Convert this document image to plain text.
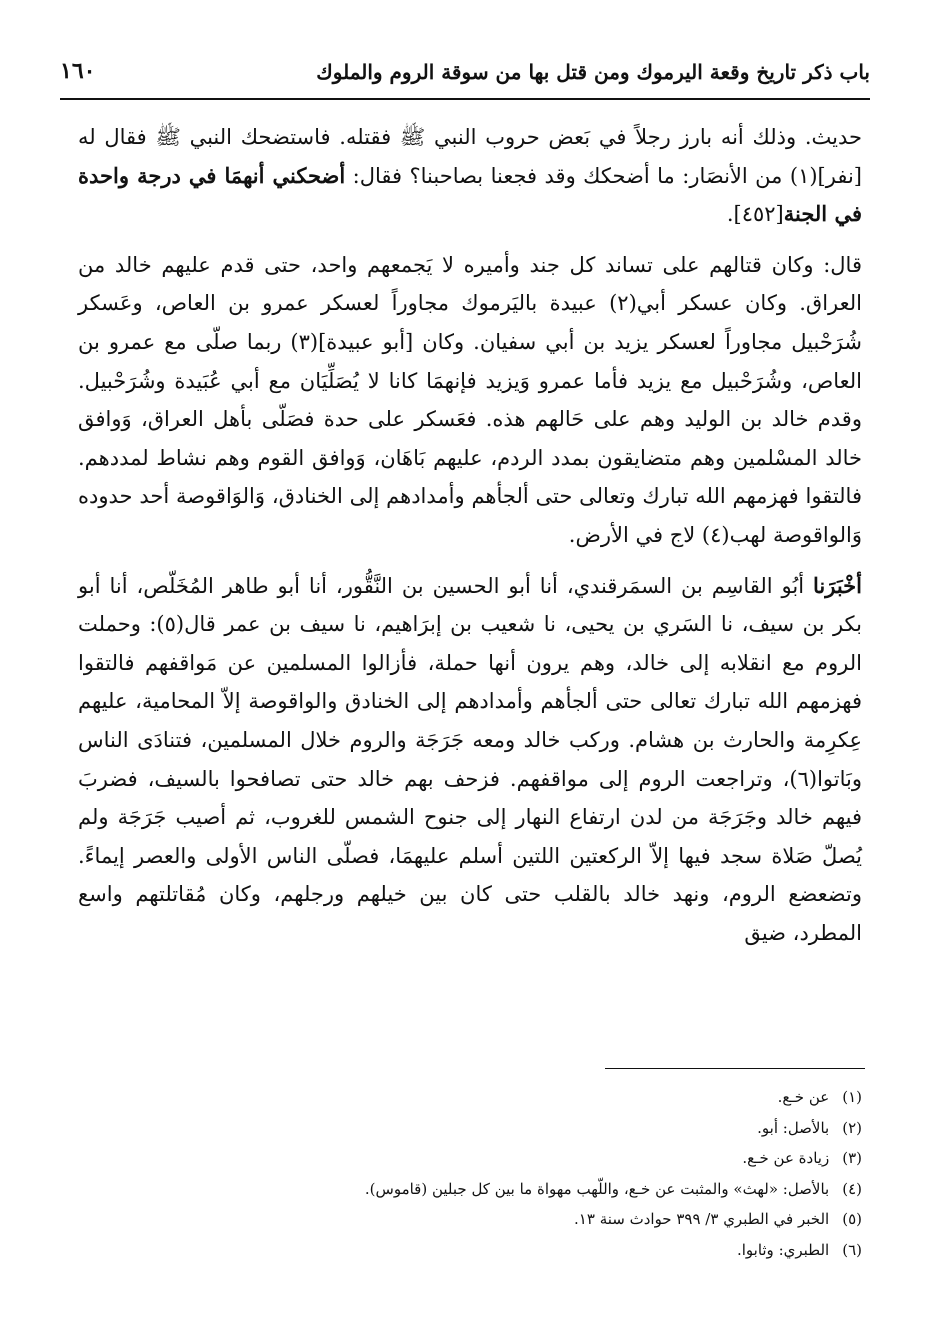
باب ذكر تاريخ وقعة اليرموك ومن قتل بها من سوقة الروم والملوك
١٦٠

حديث. وذلك أنه بارز رجلاً في بَعض حروب النبي ﷺ فقتله. فاستضحك النبي ﷺ فقال له [نفر](١) من الأنصَار: ما أضحكك وقد فجعنا بصاحبنا؟ فقال: أضحكني أنهمَا في درجة واحدة في الجنة[٤٥٢].

قال: وكان قتالهم على تساند كل جند وأميره لا يَجمعهم واحد، حتى قدم عليهم خالد من العراق. وكان عسكر أبي(٢) عبيدة باليَرموك مجاوراً لعسكر عمرو بن العاص، وعَسكر شُرَحْبيل مجاوراً لعسكر يزيد بن أبي سفيان. وكان [أبو عبيدة](٣) ربما صلّى مع عمرو بن العاص، وشُرَحْبيل مع يزيد فأما عمرو وَيزيد فإنهمَا كانا لا يُصَلِّيَان مع أبي عُبَيدة وشُرَحْبيل. وقدم خالد بن الوليد وهم على حَالهم هذه. فعَسكر على حدة فصَلّى بأهل العراق، وَوافق خالد المسْلمين وهم متضايقون بمدد الردم، عليهم بَاهَان، وَوافق القوم وهم نشاط لمددهم. فالتقوا فهزمهم الله تبارك وتعالى حتى ألجأهم وأمدادهم إلى الخنادق، وَالوَاقوصة أحد حدوده وَالواقوصة لهب(٤) لاج في الأرض.

أخْبَرَنا أبُو القاسِم بن السمَرقندي، أنا أبو الحسين بن النَّقُّور، أنا أبو طاهر المُخَلّص، أنا أبو بكر بن سيف، نا السَري بن يحيى، نا شعيب بن إبرَاهيم، نا سيف بن عمر قال(٥): وحملت الروم مع انقلابه إلى خالد، وهم يرون أنها حملة، فأزالوا المسلمين عن مَواقفهم فالتقوا فهزمهم الله تبارك تعالى حتى ألجأهم وأمدادهم إلى الخنادق والواقوصة إلاّ المحامية، عليهم عِكرِمة والحارث بن هشام. وركب خالد ومعه جَرَجَة والروم خلال المسلمين، فتنادَى الناس وبَاتوا(٦)، وتراجعت الروم إلى مواقفهم. فزحف بهم خالد حتى تصافحوا بالسيف، فضربَ فيهم خالد وجَرَجَة من لدن ارتفاع النهار إلى جنوح الشمس للغروب، ثم أصيب جَرَجَة ولم يُصلّ صَلاة سجد فيها إلاّ الركعتين اللتين أسلم عليهمَا، فصلّى الناس الأولى والعصر إيماءً. وتضعضع الروم، ونهد خالد بالقلب حتى كان بين خيلهم ورجلهم، وكان مُقاتلتهم واسع المطرد، ضيق

(١) عن خـع.
(٢) بالأصل: أبو.
(٣) زيادة عن خـع.
(٤) بالأصل: «لهث» والمثبت عن خـع، واللّهب مهواة ما بين كل جبلين (قاموس).
(٥) الخبر في الطبري ٣/ ٣٩٩ حوادث سنة ١٣.
(٦) الطبري: وثابوا.
